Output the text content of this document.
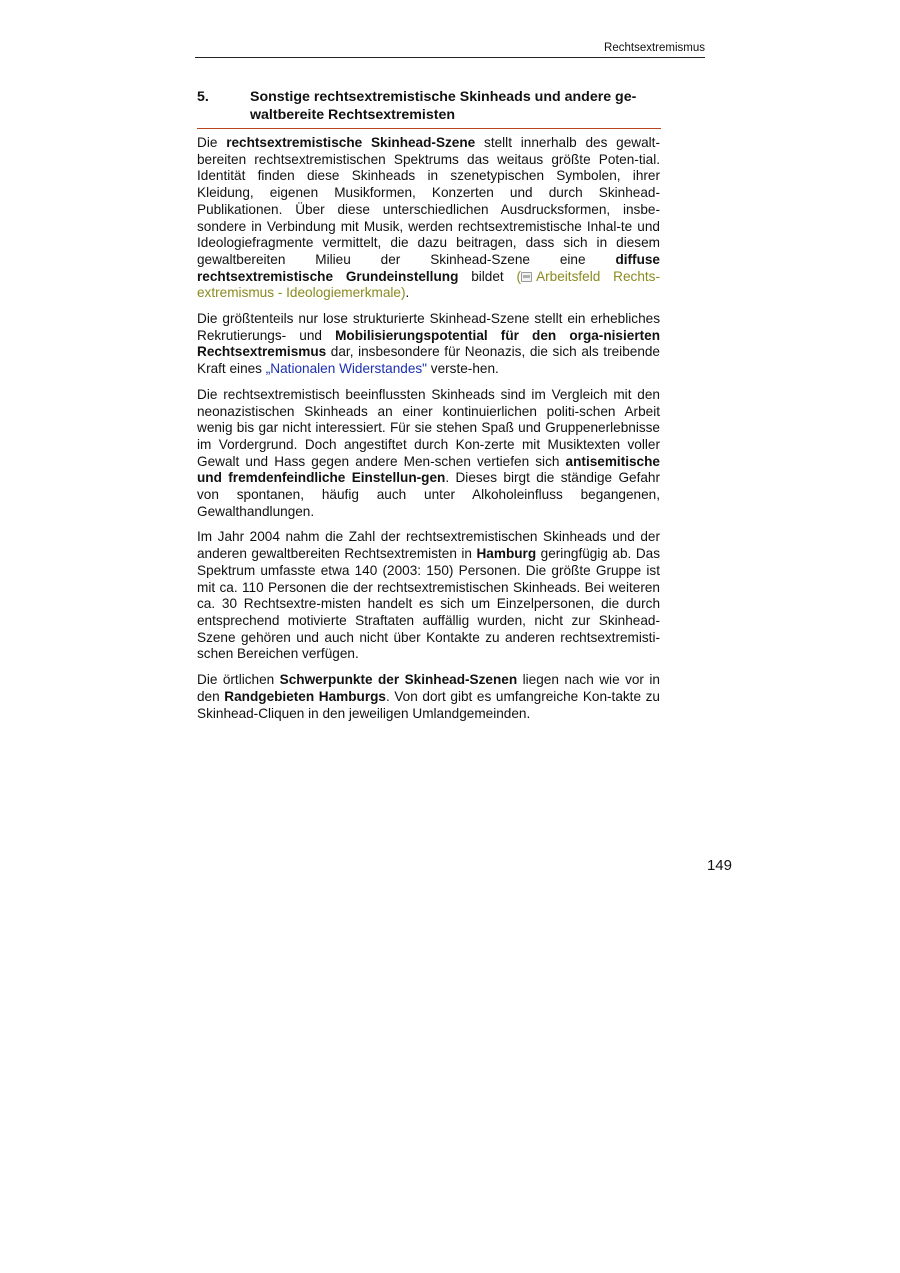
Rechtsextremismus
5.	Sonstige rechtsextremistische Skinheads und andere ge-waltbereite Rechtsextremisten

Die rechtsextremistische Skinhead-Szene stellt innerhalb des gewalt-bereiten rechtsextremistischen Spektrums das weitaus größte Poten-tial. Identität finden diese Skinheads in szenetypischen Symbolen, ihrer Kleidung, eigenen Musikformen, Konzerten und durch Skinhead-Publikationen. Über diese unterschiedlichen Ausdrucksformen, insbe-sondere in Verbindung mit Musik, werden rechtsextremistische Inhal-te und Ideologiefragmente vermittelt, die dazu beitragen, dass sich in diesem gewaltbereiten Milieu der Skinhead-Szene eine diffuse rechtsextremistische Grundeinstellung bildet ( Arbeitsfeld Rechts-extremismus - Ideologiemerkmale).

Die größtenteils nur lose strukturierte Skinhead-Szene stellt ein erhebliches Rekrutierungs- und Mobilisierungspotential für den orga-nisierten Rechtsextremismus dar, insbesondere für Neonazis, die sich als treibende Kraft eines „Nationalen Widerstandes" verste-hen.

Die rechtsextremistisch beeinflussten Skinheads sind im Vergleich mit den neonazistischen Skinheads an einer kontinuierlichen politi-schen Arbeit wenig bis gar nicht interessiert. Für sie stehen Spaß und Gruppenerlebnisse im Vordergrund. Doch angestiftet durch Kon-zerte mit Musiktexten voller Gewalt und Hass gegen andere Men-schen vertiefen sich antisemitische und fremdenfeindliche Einstellun-gen. Dieses birgt die ständige Gefahr von spontanen, häufig auch unter Alkoholeinfluss begangenen, Gewalthandlungen.

Im Jahr 2004 nahm die Zahl der rechtsextremistischen Skinheads und der anderen gewaltbereiten Rechtsextremisten in Hamburg geringfügig ab. Das Spektrum umfasste etwa 140 (2003: 150) Personen. Die größte Gruppe ist mit ca. 110 Personen die der rechtsextremistischen Skinheads. Bei weiteren ca. 30 Rechtsextre-misten handelt es sich um Einzelpersonen, die durch entsprechend motivierte Straftaten auffällig wurden, nicht zur Skinhead-Szene gehören und auch nicht über Kontakte zu anderen rechtsextremisti-schen Bereichen verfügen.

Die örtlichen Schwerpunkte der Skinhead-Szenen liegen nach wie vor in den Randgebieten Hamburgs. Von dort gibt es umfangreiche Kon-takte zu Skinhead-Cliquen in den jeweiligen Umlandgemeinden.

149
